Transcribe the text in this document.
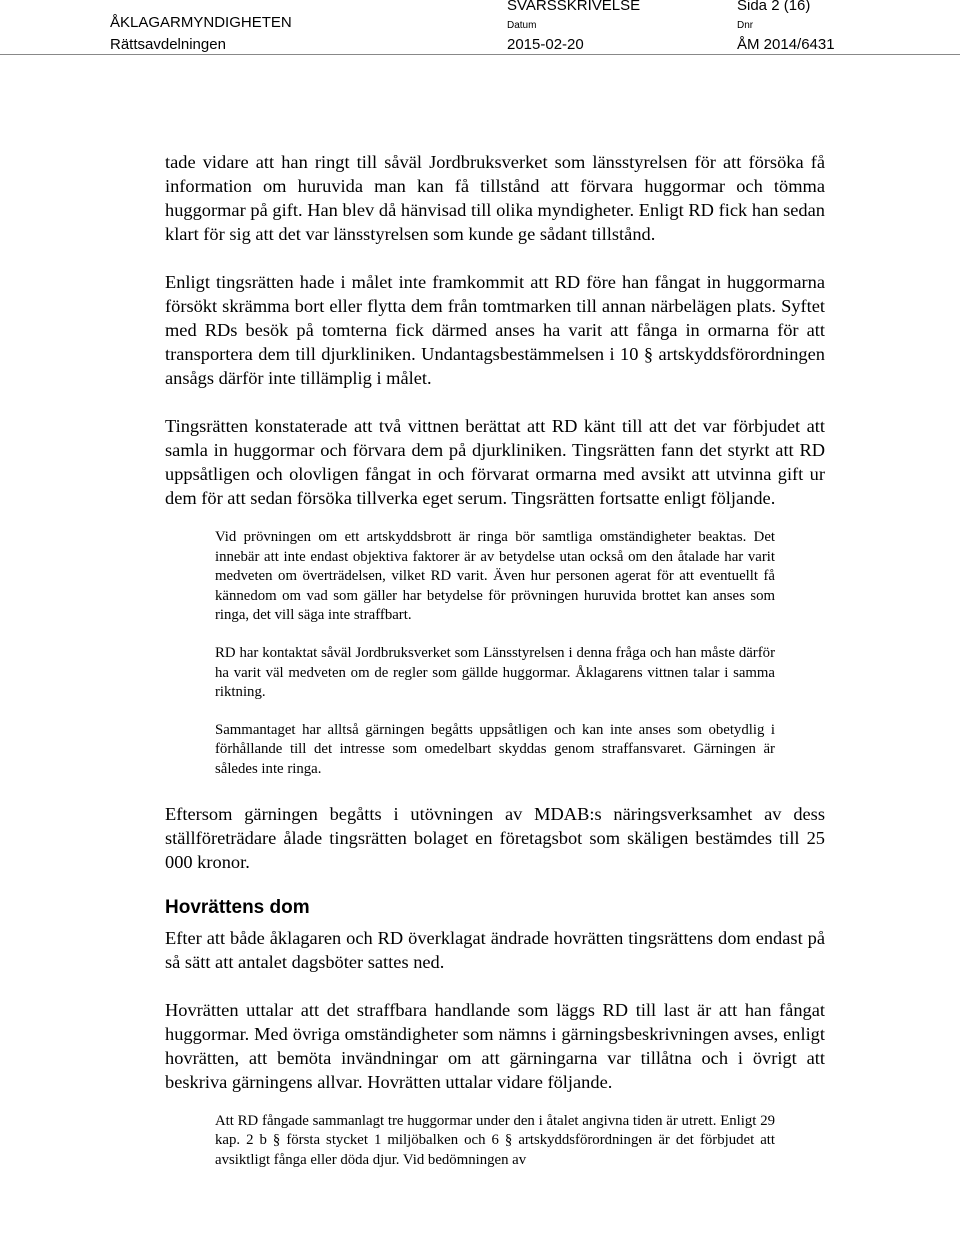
ÅKLAGARMYNDIGHETEN
Rättsavdelningen
SVARSSKRIVELSE
Datum
2015-02-20
Sida 2 (16)
Dnr
ÅM 2014/6431

tade vidare att han ringt till såväl Jordbruksverket som länsstyrelsen för att försöka få information om huruvida man kan få tillstånd att förvara huggormar och tömma huggormar på gift. Han blev då hänvisad till olika myndigheter. Enligt RD fick han sedan klart för sig att det var länsstyrelsen som kunde ge sådant tillstånd.

Enligt tingsrätten hade i målet inte framkommit att RD före han fångat in huggormarna försökt skrämma bort eller flytta dem från tomtmarken till annan närbelägen plats. Syftet med RDs besök på tomterna fick därmed anses ha varit att fånga in ormarna för att transportera dem till djurkliniken. Undantagsbestämmelsen i 10 § artskyddsförordningen ansågs därför inte tillämplig i målet.

Tingsrätten konstaterade att två vittnen berättat att RD känt till att det var förbjudet att samla in huggormar och förvara dem på djurkliniken. Tingsrätten fann det styrkt att RD uppsåtligen och olovligen fångat in och förvarat ormarna med avsikt att utvinna gift ur dem för att sedan försöka tillverka eget serum. Tingsrätten fortsatte enligt följande.

Vid prövningen om ett artskyddsbrott är ringa bör samtliga omständigheter beaktas. Det innebär att inte endast objektiva faktorer är av betydelse utan också om den åtalade har varit medveten om överträdelsen, vilket RD varit. Även hur personen agerat för att eventuellt få kännedom om vad som gäller har betydelse för prövningen huruvida brottet kan anses som ringa, det vill säga inte straffbart.

RD har kontaktat såväl Jordbruksverket som Länsstyrelsen i denna fråga och han måste därför ha varit väl medveten om de regler som gällde huggormar. Åklagarens vittnen talar i samma riktning.

Sammantaget har alltså gärningen begåtts uppsåtligen och kan inte anses som obetydlig i förhållande till det intresse som omedelbart skyddas genom straffansvaret. Gärningen är således inte ringa.

Eftersom gärningen begåtts i utövningen av MDAB:s näringsverksamhet av dess ställföreträdare ålade tingsrätten bolaget en företagsbot som skäligen bestämdes till 25 000 kronor.

Hovrättens dom

Efter att både åklagaren och RD överklagat ändrade hovrätten tingsrättens dom endast på så sätt att antalet dagsböter sattes ned.

Hovrätten uttalar att det straffbara handlande som läggs RD till last är att han fångat huggormar. Med övriga omständigheter som nämns i gärningsbeskrivningen avses, enligt hovrätten, att bemöta invändningar om att gärningarna var tillåtna och i övrigt att beskriva gärningens allvar. Hovrätten uttalar vidare följande.

Att RD fångade sammanlagt tre huggormar under den i åtalet angivna tiden är utrett. Enligt 29 kap. 2 b § första stycket 1 miljöbalken och 6 § artskyddsförordningen är det förbjudet att avsiktligt fånga eller döda djur. Vid bedömningen av
